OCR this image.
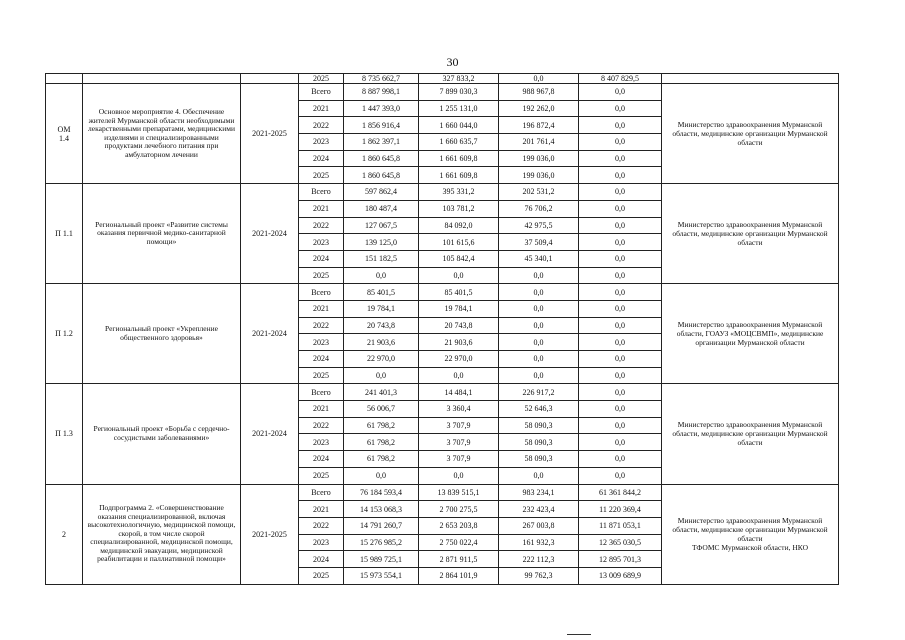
30
			2025	8 735 662,7	327 833,2	0,0	8 407 829,5	
ОМ
1.4	Основное мероприятие 4. Обеспечение жителей Мурманской области необходимыми лекарственными препаратами, медицинскими изделиями и специализированными продуктами лечебного питания при амбулаторном лечении	2021-2025	Всего	8 887 998,1	7 899 030,3	988 967,8	0,0	Министерство здравоохранения Мурманской области, медицинские организации Мурманской области
			2021	1 447 393,0	1 255 131,0	192 262,0	0,0	
			2022	1 856 916,4	1 660 044,0	196 872,4	0,0	
			2023	1 862 397,1	1 660 635,7	201 761,4	0,0	
			2024	1 860 645,8	1 661 609,8	199 036,0	0,0	
			2025	1 860 645,8	1 661 609,8	199 036,0	0,0	
П 1.1	Региональный проект «Развитие системы оказания первичной медико-санитарной помощи»	2021-2024	Всего	597 862,4	395 331,2	202 531,2	0,0	Министерство здравоохранения Мурманской области, медицинские организации Мурманской области
			2021	180 487,4	103 781,2	76 706,2	0,0	
			2022	127 067,5	84 092,0	42 975,5	0,0	
			2023	139 125,0	101 615,6	37 509,4	0,0	
			2024	151 182,5	105 842,4	45 340,1	0,0	
			2025	0,0	0,0	0,0	0,0	
П 1.2	Региональный проект «Укрепление общественного здоровья»	2021-2024	Всего	85 401,5	85 401,5	0,0	0,0	Министерство здравоохранения Мурманской области, ГОАУЗ «МОЦСВМП», медицинские организации Мурманской области
			2021	19 784,1	19 784,1	0,0	0,0	
			2022	20 743,8	20 743,8	0,0	0,0	
			2023	21 903,6	21 903,6	0,0	0,0	
			2024	22 970,0	22 970,0	0,0	0,0	
			2025	0,0	0,0	0,0	0,0	
П 1.3	Региональный проект «Борьба с сердечно-сосудистыми заболеваниями»	2021-2024	Всего	241 401,3	14 484,1	226 917,2	0,0	Министерство здравоохранения Мурманской области, медицинские организации Мурманской области
			2021	56 006,7	3 360,4	52 646,3	0,0	
			2022	61 798,2	3 707,9	58 090,3	0,0	
			2023	61 798,2	3 707,9	58 090,3	0,0	
			2024	61 798,2	3 707,9	58 090,3	0,0	
			2025	0,0	0,0	0,0	0,0	
2	Подпрограмма 2. «Совершенствование оказания специализированной, включая высокотехнологичную, медицинской помощи, скорой, в том числе скорой специализированной, медицинской помощи, медицинской эвакуации, медицинской реабилитации и паллиативной помощи»	2021-2025	Всего	76 184 593,4	13 839 515,1	983 234,1	61 361 844,2	Министерство здравоохранения Мурманской области, медицинские организации Мурманской области
ТФОМС Мурманской области, НКО
			2021	14 153 068,3	2 700 275,5	232 423,4	11 220 369,4	
			2022	14 791 260,7	2 653 203,8	267 003,8	11 871 053,1	
			2023	15 276 985,2	2 750 022,4	161 932,3	12 365 030,5	
			2024	15 989 725,1	2 871 911,5	222 112,3	12 895 701,3	
			2025	15 973 554,1	2 864 101,9	99 762,3	13 009 689,9	
